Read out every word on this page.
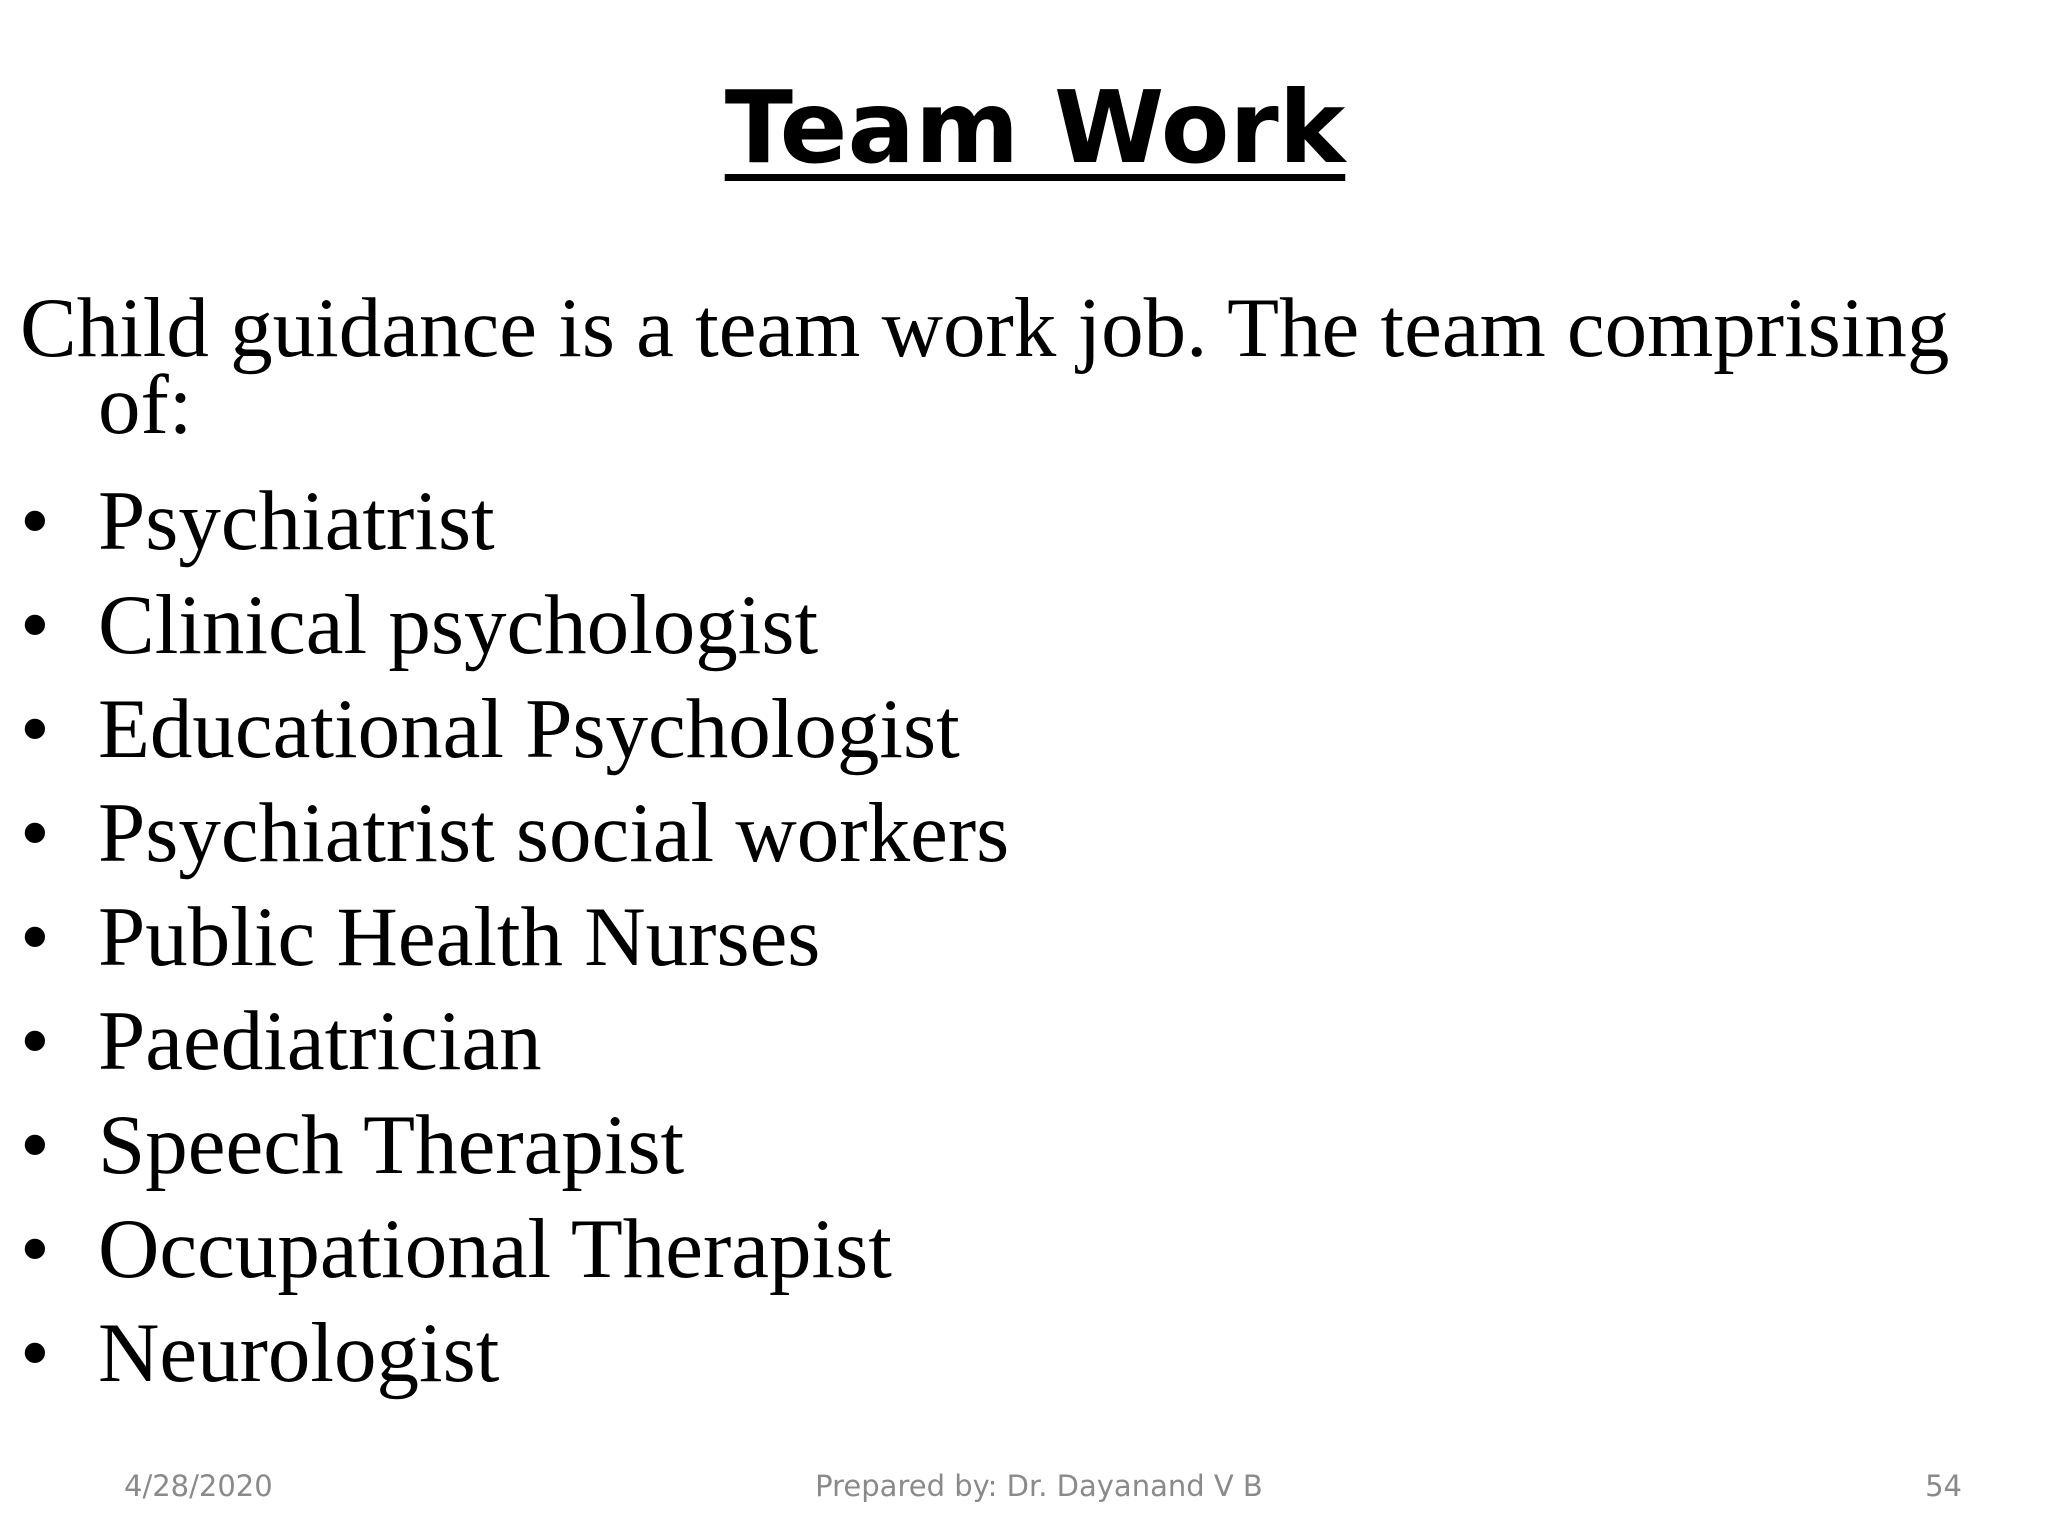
Team Work

Child guidance is a team work job. The team comprising of:

• Psychiatrist
• Clinical psychologist
• Educational Psychologist
• Psychiatrist social workers
• Public Health Nurses
• Paediatrician
• Speech Therapist
• Occupational Therapist
• Neurologist
4/28/2020	Prepared by: Dr. Dayanand V B	54
